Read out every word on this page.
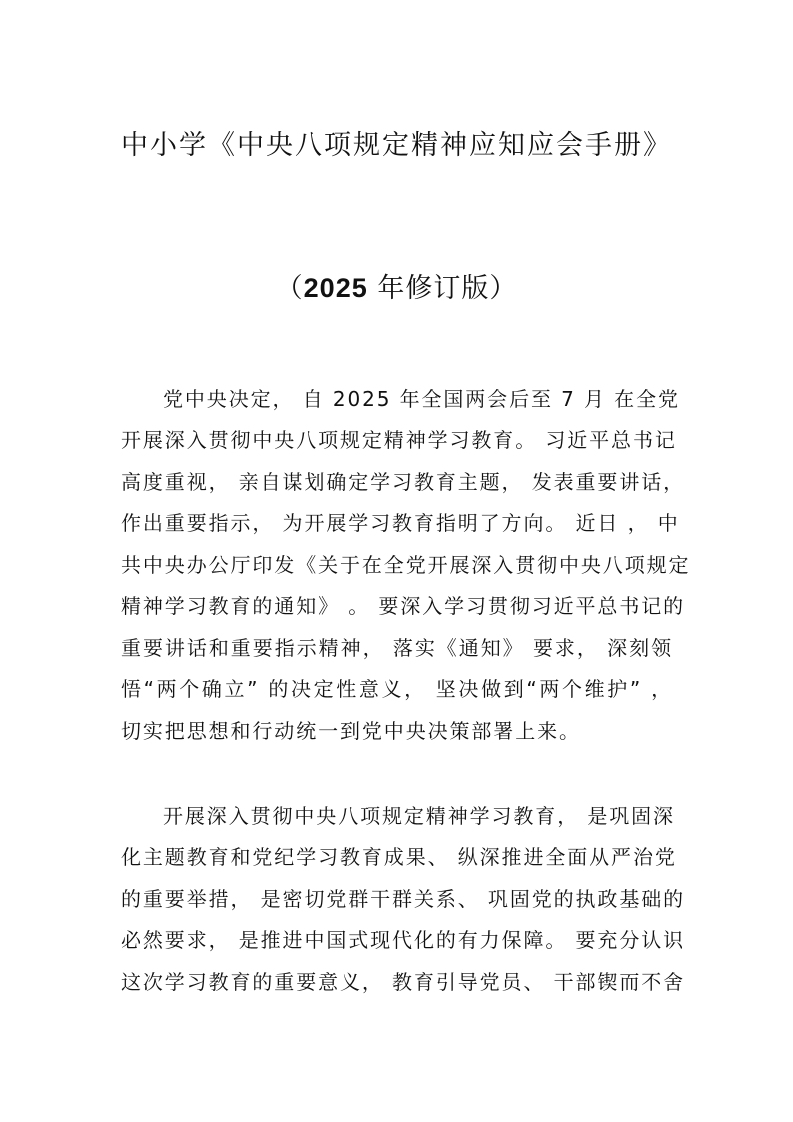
中小学《中央八项规定精神应知应会手册》
（2025 年修订版）
党中央决定， 自 2025 年全国两会后至 7 月 在全党
开展深入贯彻中央八项规定精神学习教育。 习近平总书记
高度重视， 亲自谋划确定学习教育主题， 发表重要讲话，
作出重要指示， 为开展学习教育指明了方向。 近日 ， 中
共中央办公厅印发《关于在全党开展深入贯彻中央八项规定
精神学习教育的通知》 。 要深入学习贯彻习近平总书记的
重要讲话和重要指示精神， 落实《通知》 要求， 深刻领
悟“两个确立” 的决定性意义， 坚决做到“两个维护” ，
切实把思想和行动统一到党中央决策部署上来。
开展深入贯彻中央八项规定精神学习教育， 是巩固深
化主题教育和党纪学习教育成果、 纵深推进全面从严治党
的重要举措， 是密切党群干群关系、 巩固党的执政基础的
必然要求， 是推进中国式现代化的有力保障。 要充分认识
这次学习教育的重要意义， 教育引导党员、 干部锲而不舍
